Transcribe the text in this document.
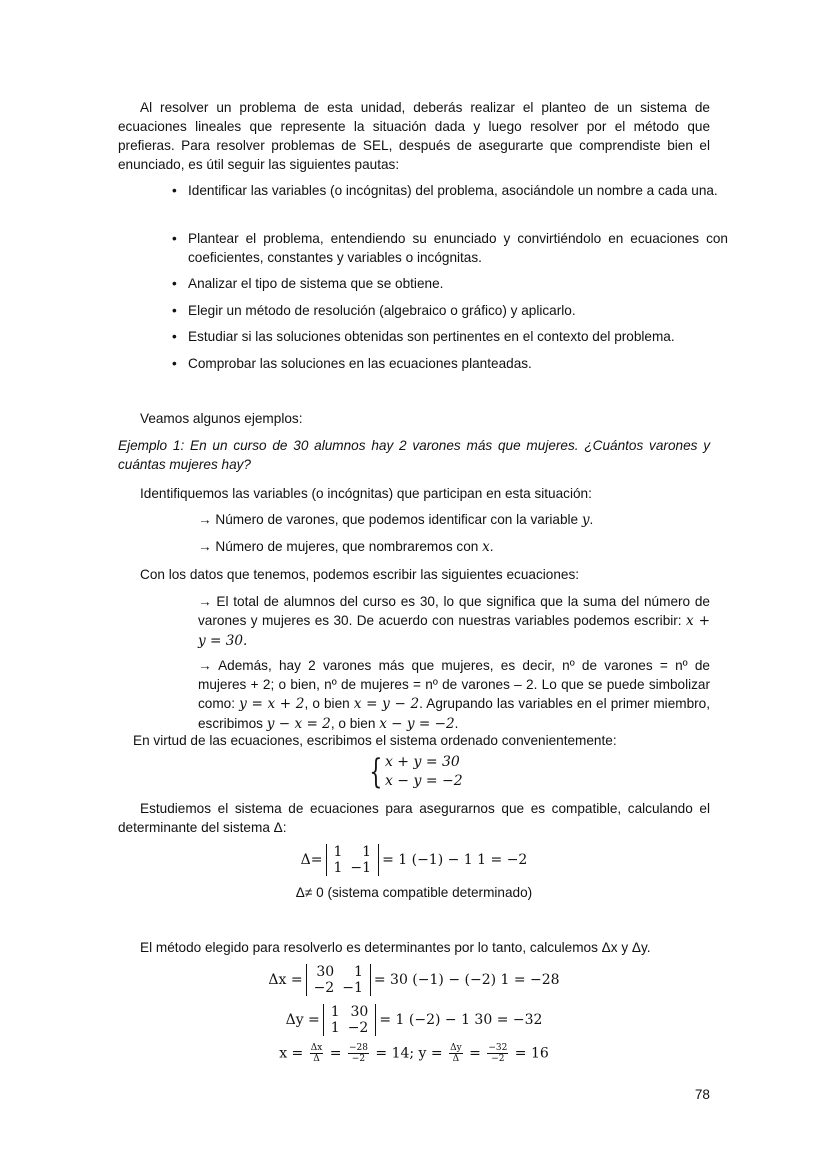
Al resolver un problema de esta unidad, deberás realizar el planteo de un sistema de ecuaciones lineales que represente la situación dada y luego resolver por el método que prefieras. Para resolver problemas de SEL, después de asegurarte que comprendiste bien el enunciado, es útil seguir las siguientes pautas:
• Identificar las variables (o incógnitas) del problema, asociándole un nombre a cada una.
• Plantear el problema, entendiendo su enunciado y convirtiéndolo en ecuaciones con coeficientes, constantes y variables o incógnitas.
• Analizar el tipo de sistema que se obtiene.
• Elegir un método de resolución (algebraico o gráfico) y aplicarlo.
• Estudiar si las soluciones obtenidas son pertinentes en el contexto del problema.
• Comprobar las soluciones en las ecuaciones planteadas.
Veamos algunos ejemplos:
Ejemplo 1: En un curso de 30 alumnos hay 2 varones más que mujeres. ¿Cuántos varones y cuántas mujeres hay?
Identifiquemos las variables (o incógnitas) que participan en esta situación:
→ Número de varones, que podemos identificar con la variable y.
→ Número de mujeres, que nombraremos con x.
Con los datos que tenemos, podemos escribir las siguientes ecuaciones:
→ El total de alumnos del curso es 30, lo que significa que la suma del número de varones y mujeres es 30. De acuerdo con nuestras variables podemos escribir: x + y = 30.
→ Además, hay 2 varones más que mujeres, es decir, nº de varones = nº de mujeres + 2; o bien, nº de mujeres = nº de varones – 2. Lo que se puede simbolizar como: y = x + 2, o bien x = y − 2. Agrupando las variables en el primer miembro, escribimos y − x = 2, o bien x − y = −2.
En virtud de las ecuaciones, escribimos el sistema ordenado convenientemente:
{ x + y = 30
x − y = −2
Estudiemos el sistema de ecuaciones para asegurarnos que es compatible, calculando el determinante del sistema Δ:
Δ= 1
1
1
−1 = 1 (−1) − 1 1 = −2
Δ≠ 0 (sistema compatible determinado)
El método elegido para resolverlo es determinantes por lo tanto, calculemos Δx y Δy.
Δx = 30
−2
1
−1 = 30 (−1) − (−2) 1 = −28
Δy = 1
1
30
−2 = 1 (−2) − 1 30 = −32
$x = \frac{\Delta x}{\Delta} = \frac{-28}{-2} = 14$; $y = \frac{\Delta y}{\Delta} = \frac{-32}{-2} = 16$
78
